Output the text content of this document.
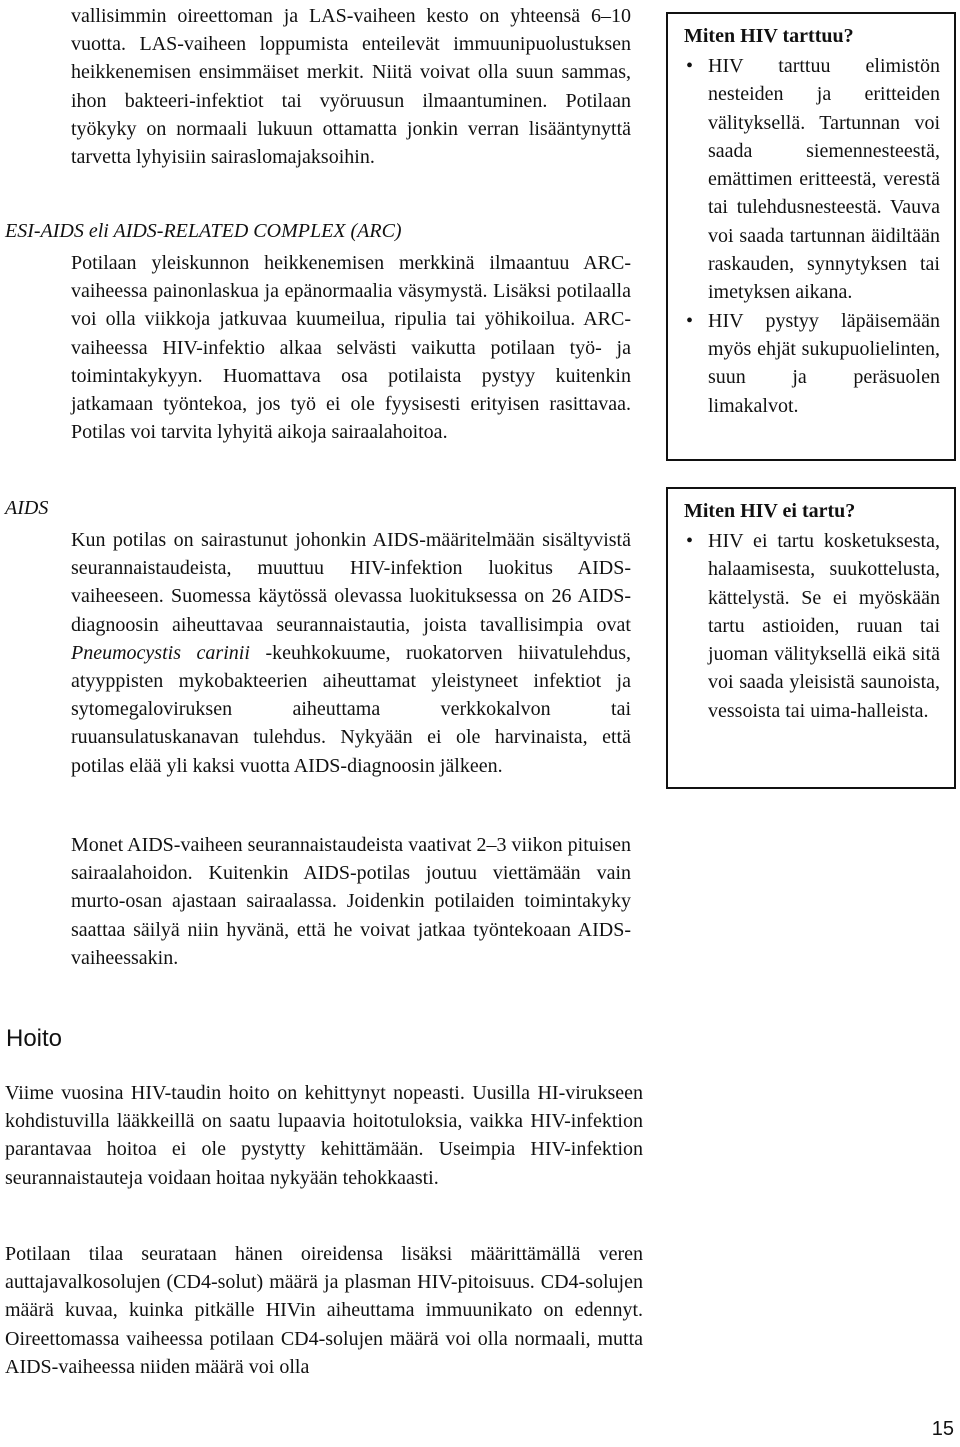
vallisimmin oireettoman ja LAS-vaiheen kesto on yhteensä 6–10 vuotta. LAS-vaiheen loppumista enteilevät immuunipuolustuksen heikkenemisen ensimmäiset merkit. Niitä voivat olla suun sammas, ihon bakteeri-infektiot tai vyöruusun ilmaantuminen. Potilaan työkyky on normaali lukuun ottamatta jonkin verran lisääntynyttä tarvetta lyhyisiin sairaslomajaksoihin.

ESI-AIDS eli AIDS-RELATED COMPLEX (ARC)

Potilaan yleiskunnon heikkenemisen merkkinä ilmaantuu ARC-vaiheessa painonlaskua ja epänormaalia väsymystä. Lisäksi potilaalla voi olla viikkoja jatkuvaa kuumeilua, ripulia tai yöhikoilua. ARC-vaiheessa HIV-infektio alkaa selvästi vaikutta potilaan työ- ja toimintakykyyn. Huomattava osa potilaista pystyy kuitenkin jatkamaan työntekoa, jos työ ei ole fyysisesti erityisen rasittavaa. Potilas voi tarvita lyhyitä aikoja sairaalahoitoa.

AIDS

Kun potilas on sairastunut johonkin AIDS-määritelmään sisältyvistä seurannaistaudeista, muuttuu HIV-infektion luokitus AIDS-vaiheeseen. Suomessa käytössä olevassa luokituksessa on 26 AIDS-diagnoosin aiheuttavaa seurannaistautia, joista tavallisimpia ovat Pneumocystis carinii -keuhkokuume, ruokatorven hiivatulehdus, atyyppisten mykobakteerien aiheuttamat yleistyneet infektiot ja sytomegaloviruksen aiheuttama verkkokalvon tai ruuansulatuskanavan tulehdus. Nykyään ei ole harvinaista, että potilas elää yli kaksi vuotta AIDS-diagnoosin jälkeen.

Monet AIDS-vaiheen seurannaistaudeista vaativat 2–3 viikon pituisen sairaalahoidon. Kuitenkin AIDS-potilas joutuu viettämään vain murto-osan ajastaan sairaalassa. Joidenkin potilaiden toimintakyky saattaa säilyä niin hyvänä, että he voivat jatkaa työntekoaan AIDS-vaiheessakin.

Hoito

Viime vuosina HIV-taudin hoito on kehittynyt nopeasti. Uusilla HI-virukseen kohdistuvilla lääkkeillä on saatu lupaavia hoitotuloksia, vaikka HIV-infektion parantavaa hoitoa ei ole pystytty kehittämään. Useimpia HIV-infektion seurannaistauteja voidaan hoitaa nykyään tehokkaasti.

Potilaan tilaa seurataan hänen oireidensa lisäksi määrittämällä veren auttajavalkosolujen (CD4-solut) määrä ja plasman HIV-pitoisuus. CD4-solujen määrä kuvaa, kuinka pitkälle HIVin aiheuttama immuunikato on edennyt. Oireettomassa vaiheessa potilaan CD4-solujen määrä voi olla normaali, mutta AIDS-vaiheessa niiden määrä voi olla

Miten HIV tarttuu?
• HIV tarttuu elimistön nesteiden ja eritteiden välityksellä. Tartunnan voi saada siemennesteestä, emättimen eritteestä, verestä tai tulehdusnesteestä. Vauva voi saada tartunnan äidiltään raskauden, synnytyksen tai imetyksen aikana.
• HIV pystyy läpäisemään myös ehjät sukupuolielinten, suun ja peräsuolen limakalvot.
Miten HIV ei tartu?
• HIV ei tartu kosketuksesta, halaamisesta, suukottelusta, kättelystä. Se ei myöskään tartu astioiden, ruuan tai juoman välityksellä eikä sitä voi saada yleisistä saunoista, vessoista tai uima-halleista.

15
